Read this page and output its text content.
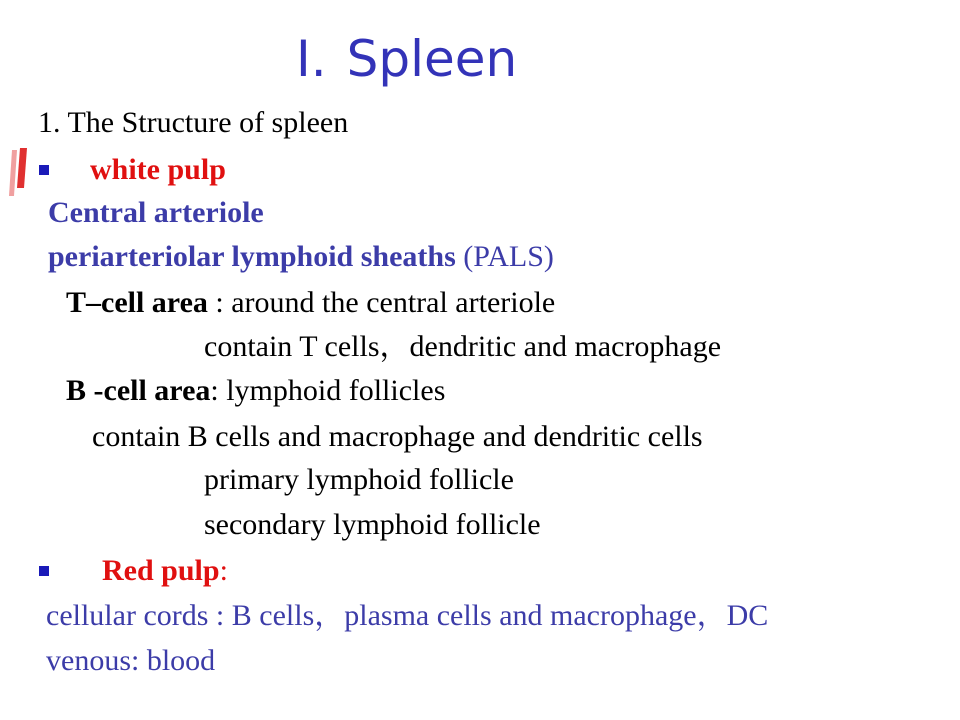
I. Spleen
1. The Structure of spleen
white pulp
Central arteriole
periarteriolar lymphoid sheaths (PALS)
T–cell area : around the central arteriole
contain T cells，dendritic and macrophage
B -cell area: lymphoid follicles
contain B cells and macrophage and dendritic cells
primary lymphoid follicle
secondary lymphoid follicle
Red pulp:
cellular cords : B cells，plasma cells and macrophage，DC
venous: blood
